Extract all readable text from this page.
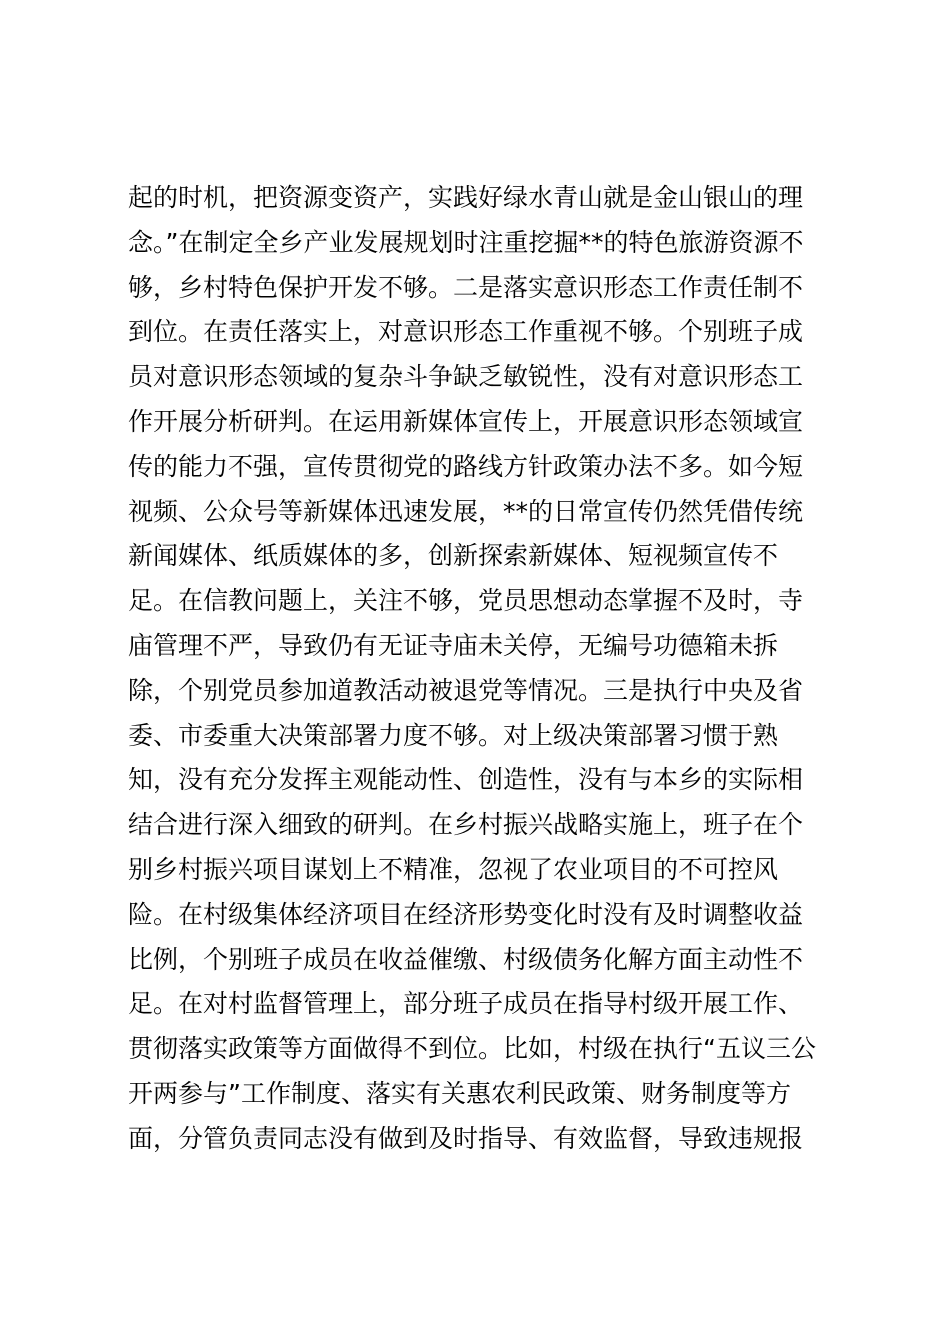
起的时机，把资源变资产，实践好绿水青山就是金山银山的理
念。”在制定全乡产业发展规划时注重挖掘**的特色旅游资源不
够，乡村特色保护开发不够。二是落实意识形态工作责任制不
到位。在责任落实上，对意识形态工作重视不够。个别班子成
员对意识形态领域的复杂斗争缺乏敏锐性，没有对意识形态工
作开展分析研判。在运用新媒体宣传上，开展意识形态领域宣
传的能力不强，宣传贯彻党的路线方针政策办法不多。如今短
视频、公众号等新媒体迅速发展，**的日常宣传仍然凭借传统
新闻媒体、纸质媒体的多，创新探索新媒体、短视频宣传不
足。在信教问题上，关注不够，党员思想动态掌握不及时，寺
庙管理不严，导致仍有无证寺庙未关停，无编号功德箱未拆
除，个别党员参加道教活动被退党等情况。三是执行中央及省
委、市委重大决策部署力度不够。对上级决策部署习惯于熟
知，没有充分发挥主观能动性、创造性，没有与本乡的实际相
结合进行深入细致的研判。在乡村振兴战略实施上，班子在个
别乡村振兴项目谋划上不精准，忽视了农业项目的不可控风
险。在村级集体经济项目在经济形势变化时没有及时调整收益
比例，个别班子成员在收益催缴、村级债务化解方面主动性不
足。在对村监督管理上，部分班子成员在指导村级开展工作、
贯彻落实政策等方面做得不到位。比如，村级在执行“五议三公
开两参与”工作制度、落实有关惠农利民政策、财务制度等方
面，分管负责同志没有做到及时指导、有效监督，导致违规报
